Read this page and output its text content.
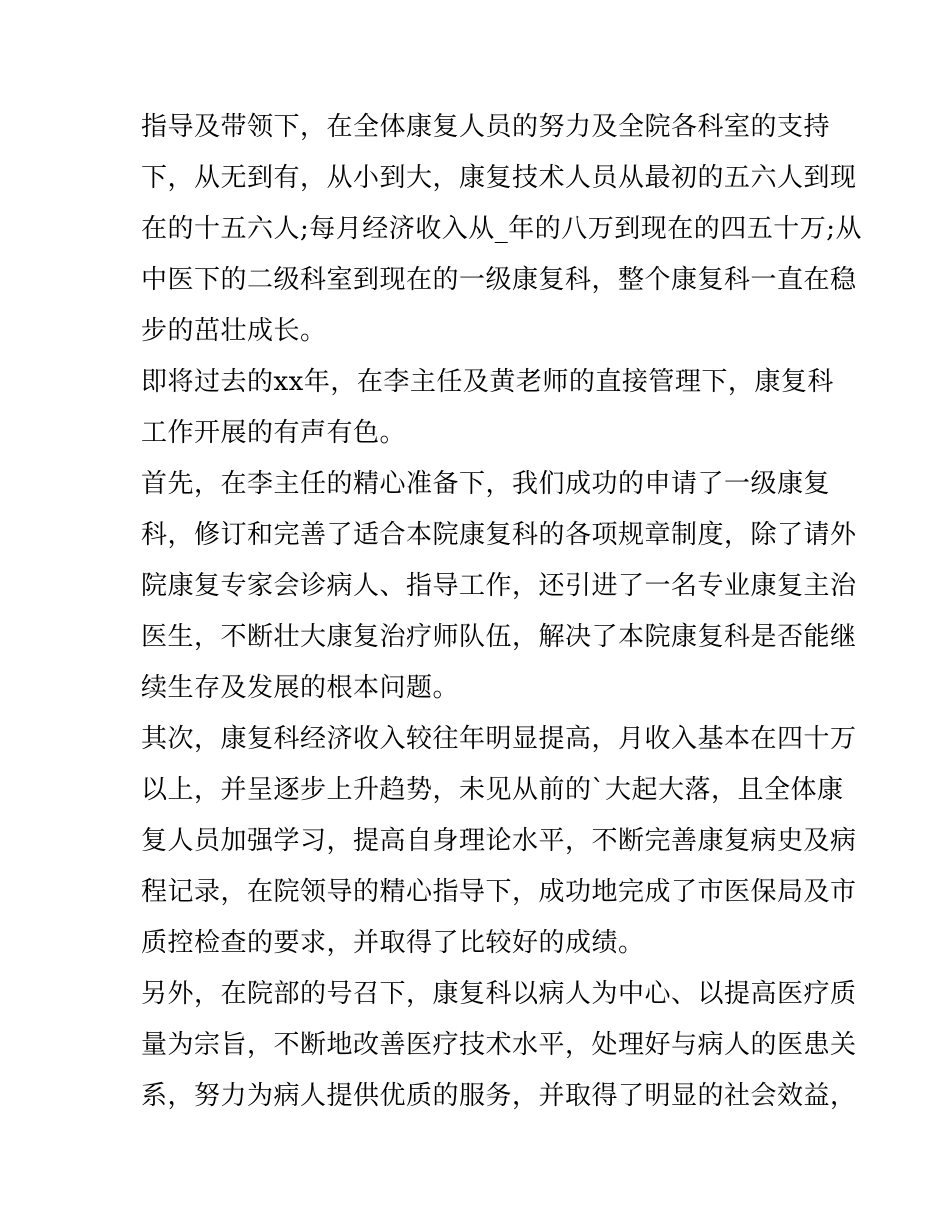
指导及带领下，在全体康复人员的努力及全院各科室的支持
下，从无到有，从小到大，康复技术人员从最初的五六人到现
在的十五六人;每月经济收入从_年的八万到现在的四五十万;从
中医下的二级科室到现在的一级康复科，整个康复科一直在稳
步的茁壮成长。
即将过去的xx年，在李主任及黄老师的直接管理下，康复科
工作开展的有声有色。
首先，在李主任的精心准备下，我们成功的申请了一级康复
科，修订和完善了适合本院康复科的各项规章制度，除了请外
院康复专家会诊病人、指导工作，还引进了一名专业康复主治
医生，不断壮大康复治疗师队伍，解决了本院康复科是否能继
续生存及发展的根本问题。
其次，康复科经济收入较往年明显提高，月收入基本在四十万
以上，并呈逐步上升趋势，未见从前的`大起大落，且全体康
复人员加强学习，提高自身理论水平，不断完善康复病史及病
程记录，在院领导的精心指导下，成功地完成了市医保局及市
质控检查的要求，并取得了比较好的成绩。
另外，在院部的号召下，康复科以病人为中心、以提高医疗质
量为宗旨，不断地改善医疗技术水平，处理好与病人的医患关
系，努力为病人提供优质的服务，并取得了明显的社会效益，
